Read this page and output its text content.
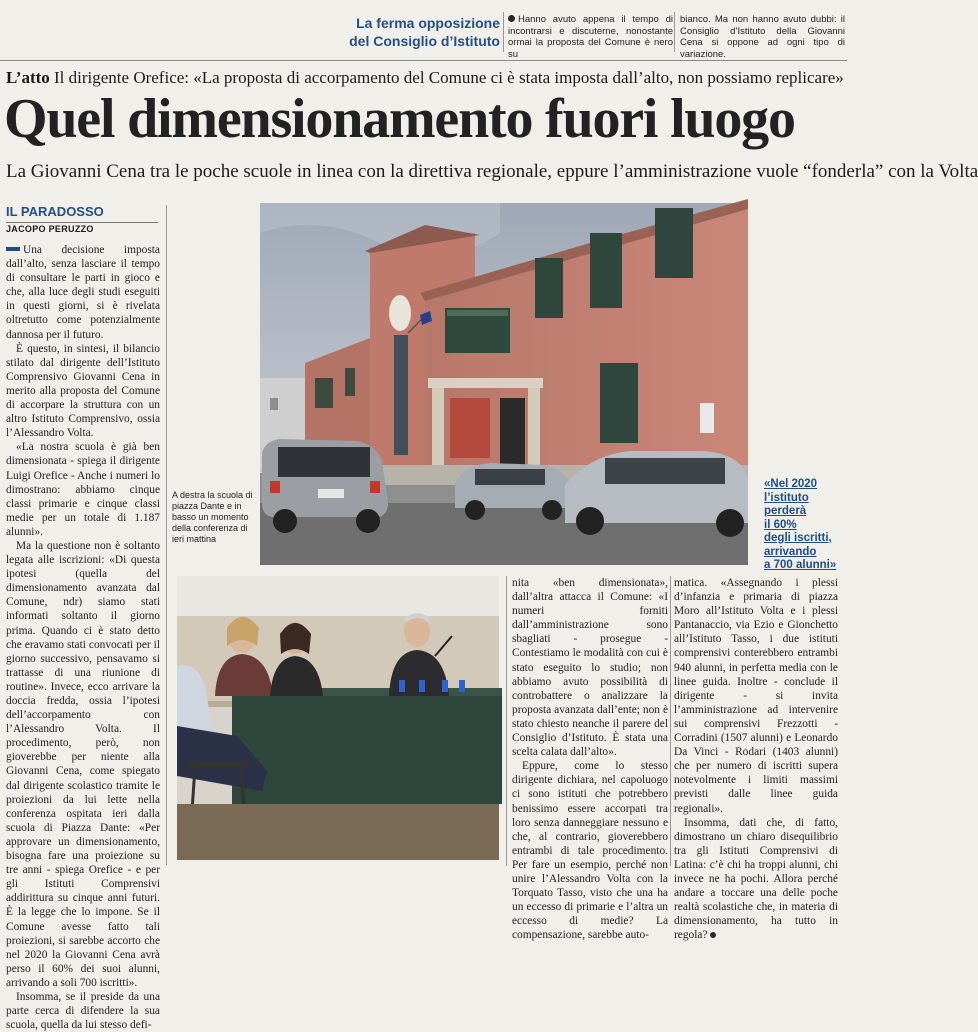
La ferma opposizione
del Consiglio d’Istituto
Hanno avuto appena il tempo di incontrarsi e discuterne, nonostante ormai la proposta del Comune è nero su
bianco. Ma non hanno avuto dubbi: il Consiglio d’Istituto della Giovanni Cena si oppone ad ogni tipo di variazione.
L’atto Il dirigente Orefice: «La proposta di accorpamento del Comune ci è stata imposta dall’alto, non possiamo replicare»
Quel dimensionamento fuori luogo
La Giovanni Cena tra le poche scuole in linea con la direttiva regionale, eppure l’amministrazione vuole “fonderla” con la Volta
IL PARADOSSO
JACOPO PERUZZO

Una decisione imposta dall’alto, senza lasciare il tempo di consultare le parti in gioco e che, alla luce degli studi eseguiti in questi giorni, si è rivelata oltretutto come potenzialmente dannosa per il futuro.

È questo, in sintesi, il bilancio stilato dal dirigente dell’Istituto Comprensivo Giovanni Cena in merito alla proposta del Comune di accorpare la struttura con un altro Istituto Comprensivo, ossia l’Alessandro Volta.

«La nostra scuola è già ben dimensionata - spiega il dirigente Luigi Orefice - Anche i numeri lo dimostrano: abbiamo cinque classi primarie e cinque classi medie per un totale di 1.187 alunni».

Ma la questione non è soltanto legata alle iscrizioni: «Di questa ipotesi (quella del dimensionamento avanzata dal Comune, ndr) siamo stati informati soltanto il giorno prima. Quando ci è stato detto che eravamo stati convocati per il giorno successivo, pensavamo si trattasse di una riunione di routine». Invece, ecco arrivare la doccia fredda, ossia l’ipotesi dell’accorpamento con l’Alessandro Volta. Il procedimento, però, non gioverebbe per niente alla Giovanni Cena, come spiegato dal dirigente scolastico tramite le proiezioni da lui lette nella conferenza ospitata ieri dalla scuola di Piazza Dante: «Per approvare un dimensionamento, bisogna fare una proiezione su tre anni - spiega Orefice - e per gli Istituti Comprensivi addirittura su cinque anni futuri. È la legge che lo impone. Se il Comune avesse fatto tali proiezioni, si sarebbe accorto che nel 2020 la Giovanni Cena avrà perso il 60% dei suoi alunni, arrivando a soli 700 iscritti».

Insomma, se il preside da una parte cerca di difendere la sua scuola, quella da lui stesso defi-

A destra la scuola di piazza Dante e in basso un momento della conferenza di ieri mattina
«Nel 2020
l’istituto
perderà
il 60%
degli iscritti,
arrivando
a 700 alunni»

nita «ben dimensionata», dall’altra attacca il Comune: «I numeri forniti dall’amministrazione sono sbagliati - prosegue - Contestiamo le modalità con cui è stato eseguito lo studio; non abbiamo avuto possibilità di controbattere o analizzare la proposta avanzata dall’ente; non è stato chiesto neanche il parere del Consiglio d’Istituto. È stata una scelta calata dall’alto».

Eppure, come lo stesso dirigente dichiara, nel capoluogo ci sono istituti che potrebbero benissimo essere accorpati tra loro senza danneggiare nessuno e che, al contrario, gioverebbero entrambi di tale procedimento. Per fare un esempio, perché non unire l’Alessandro Volta con la Torquato Tasso, visto che una ha un eccesso di primarie e l’altra un eccesso di medie? La compensazione, sarebbe auto-

matica. «Assegnando i plessi d’infanzia e primaria di piazza Moro all’Istituto Volta e i plessi Pantanaccio, via Ezio e Gionchetto all’Istituto Tasso, i due istituti comprensivi conterebbero entrambi 940 alunni, in perfetta media con le linee guida. Inoltre - conclude il dirigente - si invita l’amministrazione ad intervenire sui comprensivi Frezzotti - Corradini (1507 alunni) e Leonardo Da Vinci - Rodari (1403 alunni) che per numero di iscritti supera notevolmente i limiti massimi previsti dalle linee guida regionali».

Insomma, dati che, di fatto, dimostrano un chiaro disequilibrio tra gli Istituti Comprensivi di Latina: c’è chi ha troppi alunni, chi invece ne ha pochi. Allora perché andare a toccare una delle poche realtà scolastiche che, in materia di dimensionamento, ha tutto in regola?
